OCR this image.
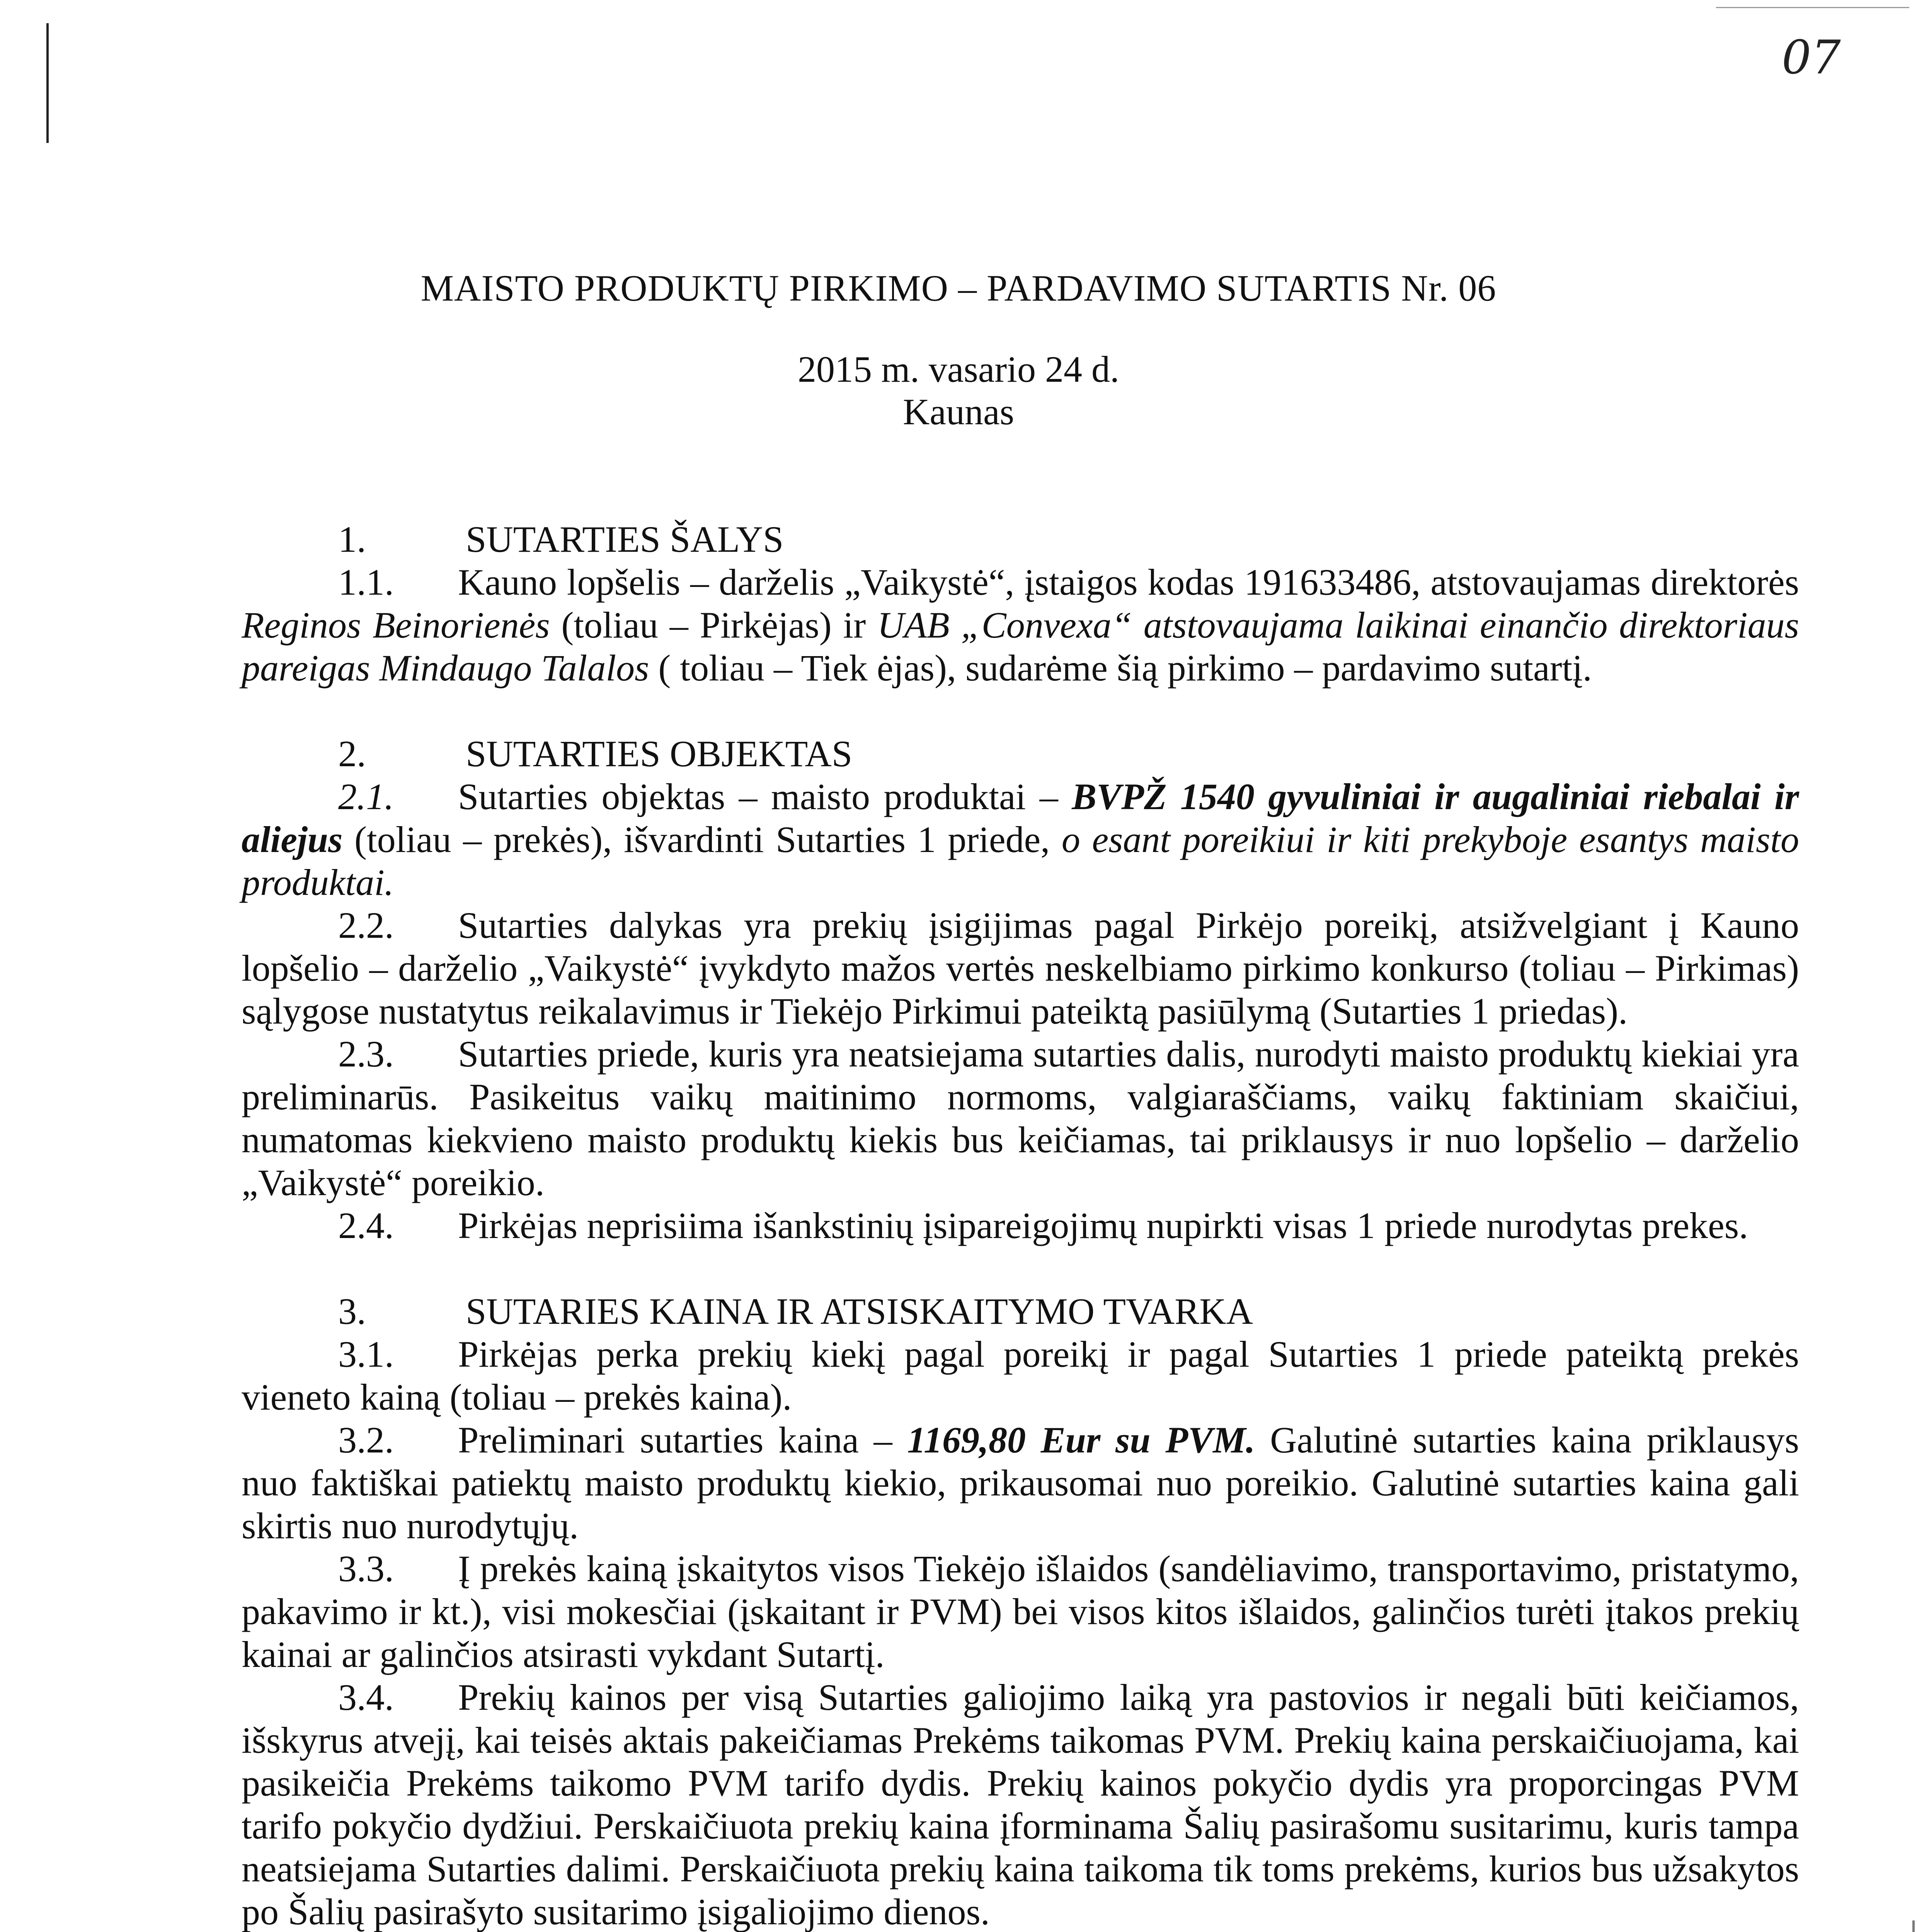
07
MAISTO PRODUKTŲ PIRKIMO – PARDAVIMO SUTARTIS Nr. 06
2015 m. vasario 24 d.
Kaunas
1.	SUTARTIES ŠALYS

1.1. Kauno lopšelis – darželis „Vaikystė“, įstaigos kodas 191633486, atstovaujamas direktorės Reginos Beinorienės (toliau – Pirkėjas) ir UAB „Convexa“ atstovaujama laikinai einančio direktoriaus pareigas Mindaugo Talalos ( toliau – Tiek ėjas), sudarėme šią pirkimo – pardavimo sutartį.

2.	SUTARTIES OBJEKTAS

2.1. Sutarties objektas – maisto produktai – BVPŽ 1540 gyvuliniai ir augaliniai riebalai ir aliejus (toliau – prekės), išvardinti Sutarties 1 priede, o esant poreikiui ir kiti prekyboje esantys maisto produktai.

2.2. Sutarties dalykas yra prekių įsigijimas pagal Pirkėjo poreikį, atsižvelgiant į Kauno lopšelio – darželio „Vaikystė“ įvykdyto mažos vertės neskelbiamo pirkimo konkurso (toliau – Pirkimas) sąlygose nustatytus reikalavimus ir Tiekėjo Pirkimui pateiktą pasiūlymą (Sutarties 1 priedas).

2.3. Sutarties priede, kuris yra neatsiejama sutarties dalis, nurodyti maisto produktų kiekiai yra preliminarūs. Pasikeitus vaikų maitinimo normoms, valgiaraščiams, vaikų faktiniam skaičiui, numatomas kiekvieno maisto produktų kiekis bus keičiamas, tai priklausys ir nuo lopšelio – darželio „Vaikystė“ poreikio.

2.4. Pirkėjas neprisiima išankstinių įsipareigojimų nupirkti visas 1 priede nurodytas prekes.

3.	SUTARIES KAINA IR ATSISKAITYMO TVARKA

3.1. Pirkėjas perka prekių kiekį pagal poreikį ir pagal Sutarties 1 priede pateiktą prekės vieneto kainą (toliau – prekės kaina).

3.2. Preliminari sutarties kaina – 1169,80 Eur su PVM. Galutinė sutarties kaina priklausys nuo faktiškai patiektų maisto produktų kiekio, prikausomai nuo poreikio. Galutinė sutarties kaina gali skirtis nuo nurodytųjų.

3.3. Į prekės kainą įskaitytos visos Tiekėjo išlaidos (sandėliavimo, transportavimo, pristatymo, pakavimo ir kt.), visi mokesčiai (įskaitant ir PVM) bei visos kitos išlaidos, galinčios turėti įtakos prekių kainai ar galinčios atsirasti vykdant Sutartį.

3.4. Prekių kainos per visą Sutarties galiojimo laiką yra pastovios ir negali būti keičiamos, išskyrus atvejį, kai teisės aktais pakeičiamas Prekėms taikomas PVM. Prekių kaina perskaičiuojama, kai pasikeičia Prekėms taikomo PVM tarifo dydis. Prekių kainos pokyčio dydis yra proporcingas PVM tarifo pokyčio dydžiui. Perskaičiuota prekių kaina įforminama Šalių pasirašomu susitarimu, kuris tampa neatsiejama Sutarties dalimi. Perskaičiuota prekių kaina taikoma tik toms prekėms, kurios bus užsakytos po Šalių pasirašyto susitarimo įsigaliojimo dienos.
